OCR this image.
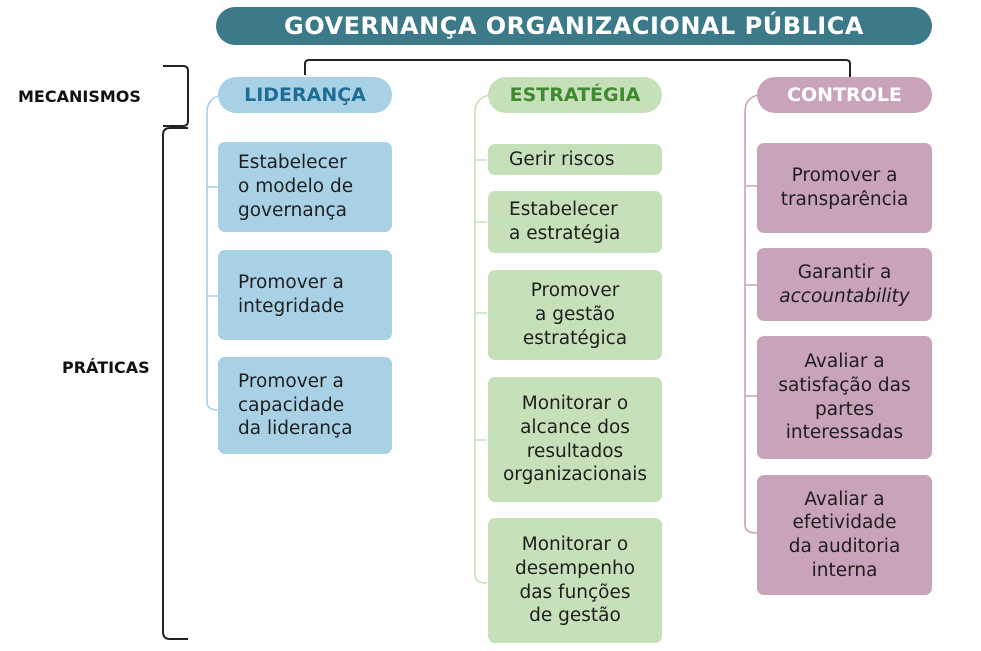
GOVERNANÇA ORGANIZACIONAL PÚBLICA
MECANISMOS
PRÁTICAS
LIDERANÇA	ESTRATÉGIA	CONTROLE
Estabelecer
o modelo de
governança
Promover a
integridade
Promover a
capacidade
da liderança
Gerir riscos
Estabelecer
a estratégia
Promover
a gestão
estratégica
Monitorar o
alcance dos
resultados
organizacionais
Monitorar o
desempenho
das funções
de gestão
Promover a
transparência
Garantir a
accountability
Avaliar a
satisfação das
partes
interessadas
Avaliar a
efetividade
da auditoria
interna
